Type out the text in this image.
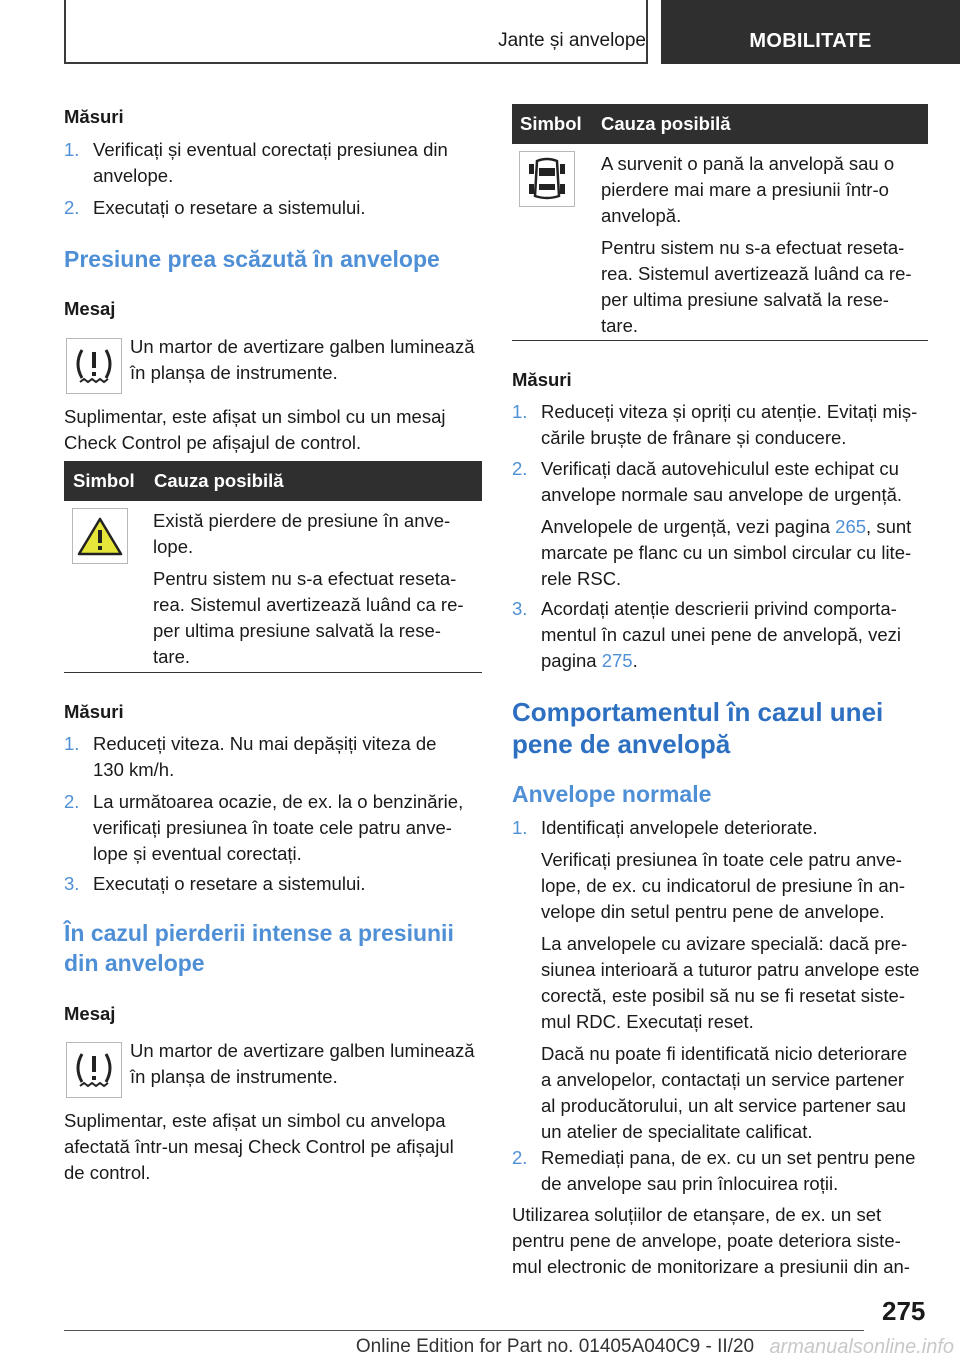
Jante și anvelope	MOBILITATE
Măsuri
1. Verificați și eventual corectați presiunea din
anvelope.
2. Executați o resetare a sistemului.
Presiune prea scăzută în anvelope
Mesaj
Un martor de avertizare galben luminează
în planșa de instrumente.
Suplimentar, este afișat un simbol cu un mesaj
Check Control pe afișajul de control.
Simbol Cauza posibilă
Există pierdere de presiune în anve-
lope.
Pentru sistem nu s-a efectuat reseta-
rea. Sistemul avertizează luând ca re-
per ultima presiune salvată la rese-
tare.
Măsuri
1. Reduceți viteza. Nu mai depășiți viteza de
130 km/h.
2. La următoarea ocazie, de ex. la o benzinărie,
verificați presiunea în toate cele patru anve-
lope și eventual corectați.
3. Executați o resetare a sistemului.
În cazul pierderii intense a presiunii
din anvelope
Mesaj
Un martor de avertizare galben luminează
în planșa de instrumente.
Suplimentar, este afișat un simbol cu anvelopa
afectată într-un mesaj Check Control pe afișajul
de control.
Simbol Cauza posibilă
A survenit o pană la anvelopă sau o
pierdere mai mare a presiunii într-o
anvelopă.
Pentru sistem nu s-a efectuat reseta-
rea. Sistemul avertizează luând ca re-
per ultima presiune salvată la rese-
tare.
Măsuri
1. Reduceți viteza și opriți cu atenție. Evitați miș-
cările bruște de frânare și conducere.
2. Verificați dacă autovehiculul este echipat cu
anvelope normale sau anvelope de urgență.
Anvelopele de urgență, vezi pagina 265, sunt
marcate pe flanc cu un simbol circular cu lite-
rele RSC.
3. Acordați atenție descrierii privind comporta-
mentul în cazul unei pene de anvelopă, vezi
pagina 275.
Comportamentul în cazul unei
pene de anvelopă
Anvelope normale
1. Identificați anvelopele deteriorate.
Verificați presiunea în toate cele patru anve-
lope, de ex. cu indicatorul de presiune în an-
velope din setul pentru pene de anvelope.
La anvelopele cu avizare specială: dacă pre-
siunea interioară a tuturor patru anvelope este
corectă, este posibil să nu se fi resetat siste-
mul RDC. Executați reset.
Dacă nu poate fi identificată nicio deteriorare
a anvelopelor, contactați un service partener
al producătorului, un alt service partener sau
un atelier de specialitate calificat.
2. Remediați pana, de ex. cu un set pentru pene
de anvelope sau prin înlocuirea roții.
Utilizarea soluțiilor de etanșare, de ex. un set
pentru pene de anvelope, poate deteriora siste-
mul electronic de monitorizare a presiunii din an-
275
Online Edition for Part no. 01405A040C9 - II/20 armanualsonline.info
